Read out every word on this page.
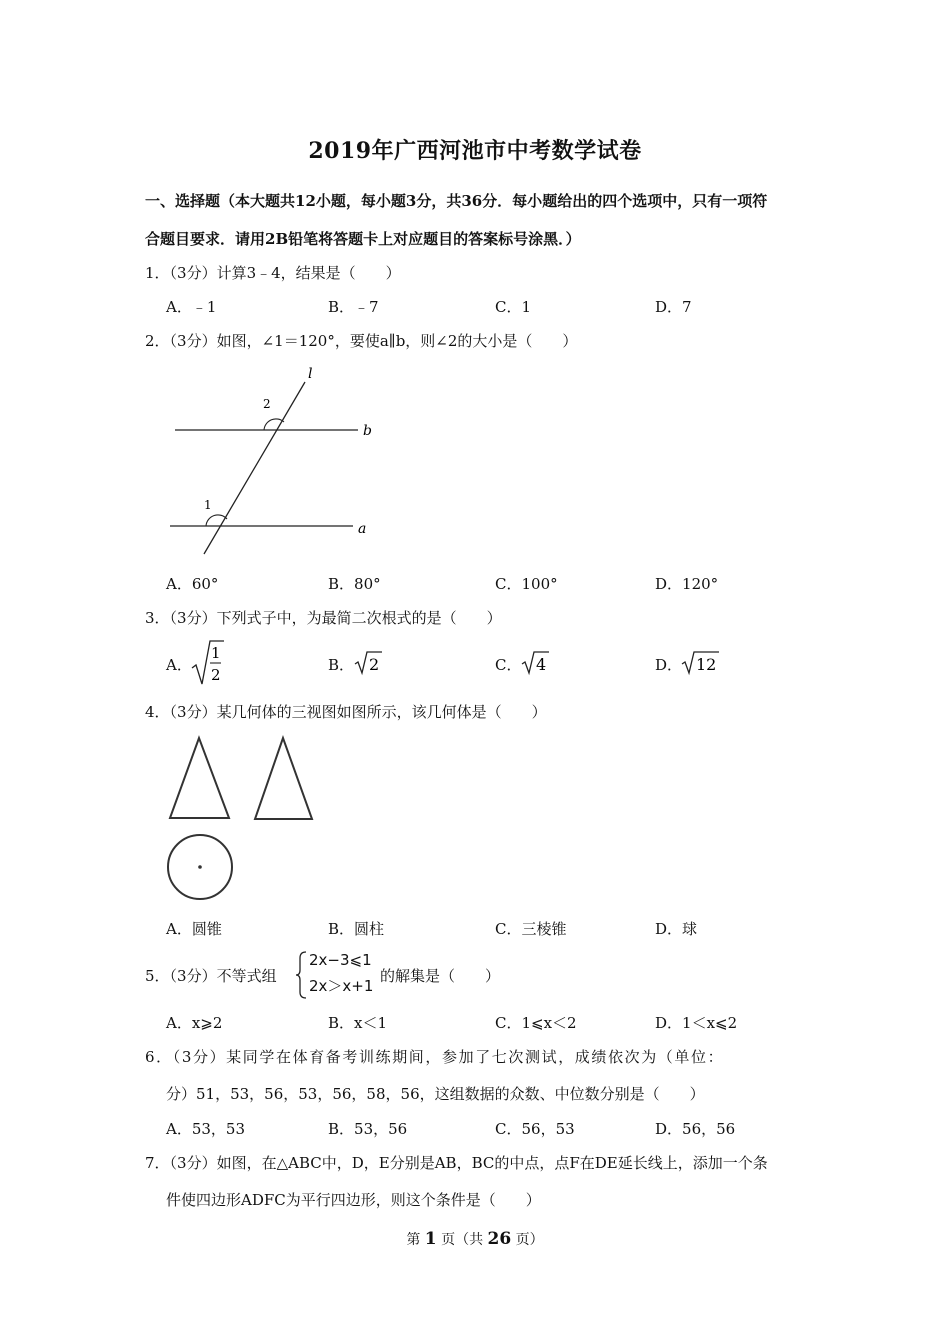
2019年广西河池市中考数学试卷
一、选择题（本大题共12小题，每小题3分，共36分．每小题给出的四个选项中，只有一项符
合题目要求．请用2B铅笔将答题卡上对应题目的答案标号涂黑．）
1．（3分）计算3﹣4，结果是（　　）
A．﹣1	B．﹣7	C．1	D．7
2．（3分）如图，∠1＝120°，要使a∥b，则∠2的大小是（　　）
l
b
a
2
1
A．60°	B．80°	C．100°	D．120°
3．（3分）下列式子中，为最简二次根式的是（　　）
A．
1
2
B． 2	C． 4	D． 12
4．（3分）某几何体的三视图如图所示，该几何体是（　　）
A．圆锥	B．圆柱	C．三棱锥	D．球
5．（3分）不等式组
2x−3⩽1
2x＞x+1
的解集是（　　）
A．x⩾2	B．x＜1	C．1⩽x＜2	D．1＜x⩽2
6．（3分）某同学在体育备考训练期间，参加了七次测试，成绩依次为（单位：
分）51，53，56，53，56，58，56，这组数据的众数、中位数分别是（　　）
A．53，53	B．53，56	C．56，53	D．56，56
7．（3分）如图，在△ABC中，D，E分别是AB，BC的中点，点F在DE延长线上，添加一个条
件使四边形ADFC为平行四边形，则这个条件是（　　）
第 1 页（共 26 页）
